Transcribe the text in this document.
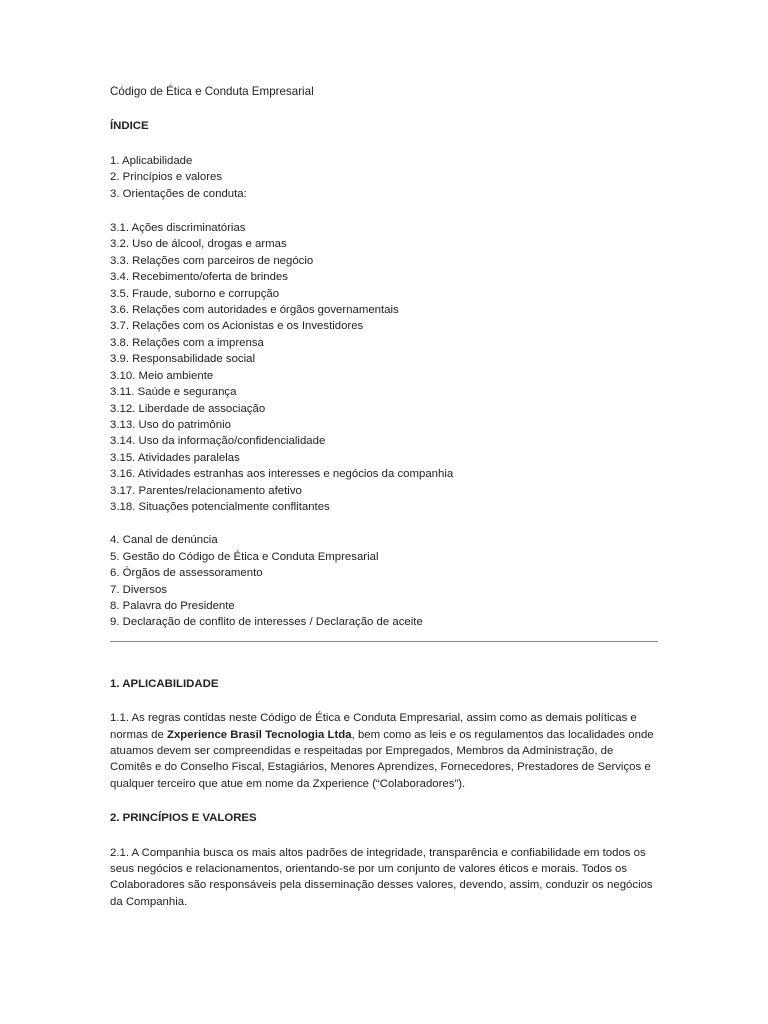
Código de Ética e Conduta Empresarial

ÍNDICE

1. Aplicabilidade
2. Princípios e valores
3. Orientações de conduta:
3.1. Ações discriminatórias
3.2. Uso de álcool, drogas e armas
3.3. Relações com parceiros de negócio
3.4. Recebimento/oferta de brindes
3.5. Fraude, suborno e corrupção
3.6. Relações com autoridades e órgãos governamentais
3.7. Relações com os Acionistas e os Investidores
3.8. Relações com a imprensa
3.9. Responsabilidade social
3.10. Meio ambiente
3.11. Saúde e segurança
3.12. Liberdade de associação
3.13. Uso do patrimônio
3.14. Uso da informação/confidencialidade
3.15. Atividades paralelas
3.16. Atividades estranhas aos interesses e negócios da companhia
3.17. Parentes/relacionamento afetivo
3.18. Situações potencialmente conflitantes
4. Canal de denúncia
5. Gestão do Código de Ética e Conduta Empresarial
6. Órgãos de assessoramento
7. Diversos
8. Palavra do Presidente
9. Declaração de conflito de interesses / Declaração de aceite

1. APLICABILIDADE

1.1. As regras contidas neste Código de Ética e Conduta Empresarial, assim como as demais políticas e normas de Zxperience Brasil Tecnologia Ltda, bem como as leis e os regulamentos das localidades onde atuamos devem ser compreendidas e respeitadas por Empregados, Membros da Administração, de Comitês e do Conselho Fiscal, Estagiários, Menores Aprendizes, Fornecedores, Prestadores de Serviços e qualquer terceiro que atue em nome da Zxperience (“Colaboradores”).

2. PRINCÍPIOS E VALORES

2.1. A Companhia busca os mais altos padrões de integridade, transparência e confiabilidade em todos os seus negócios e relacionamentos, orientando-se por um conjunto de valores éticos e morais. Todos os Colaboradores são responsáveis pela disseminação desses valores, devendo, assim, conduzir os negócios da Companhia.
